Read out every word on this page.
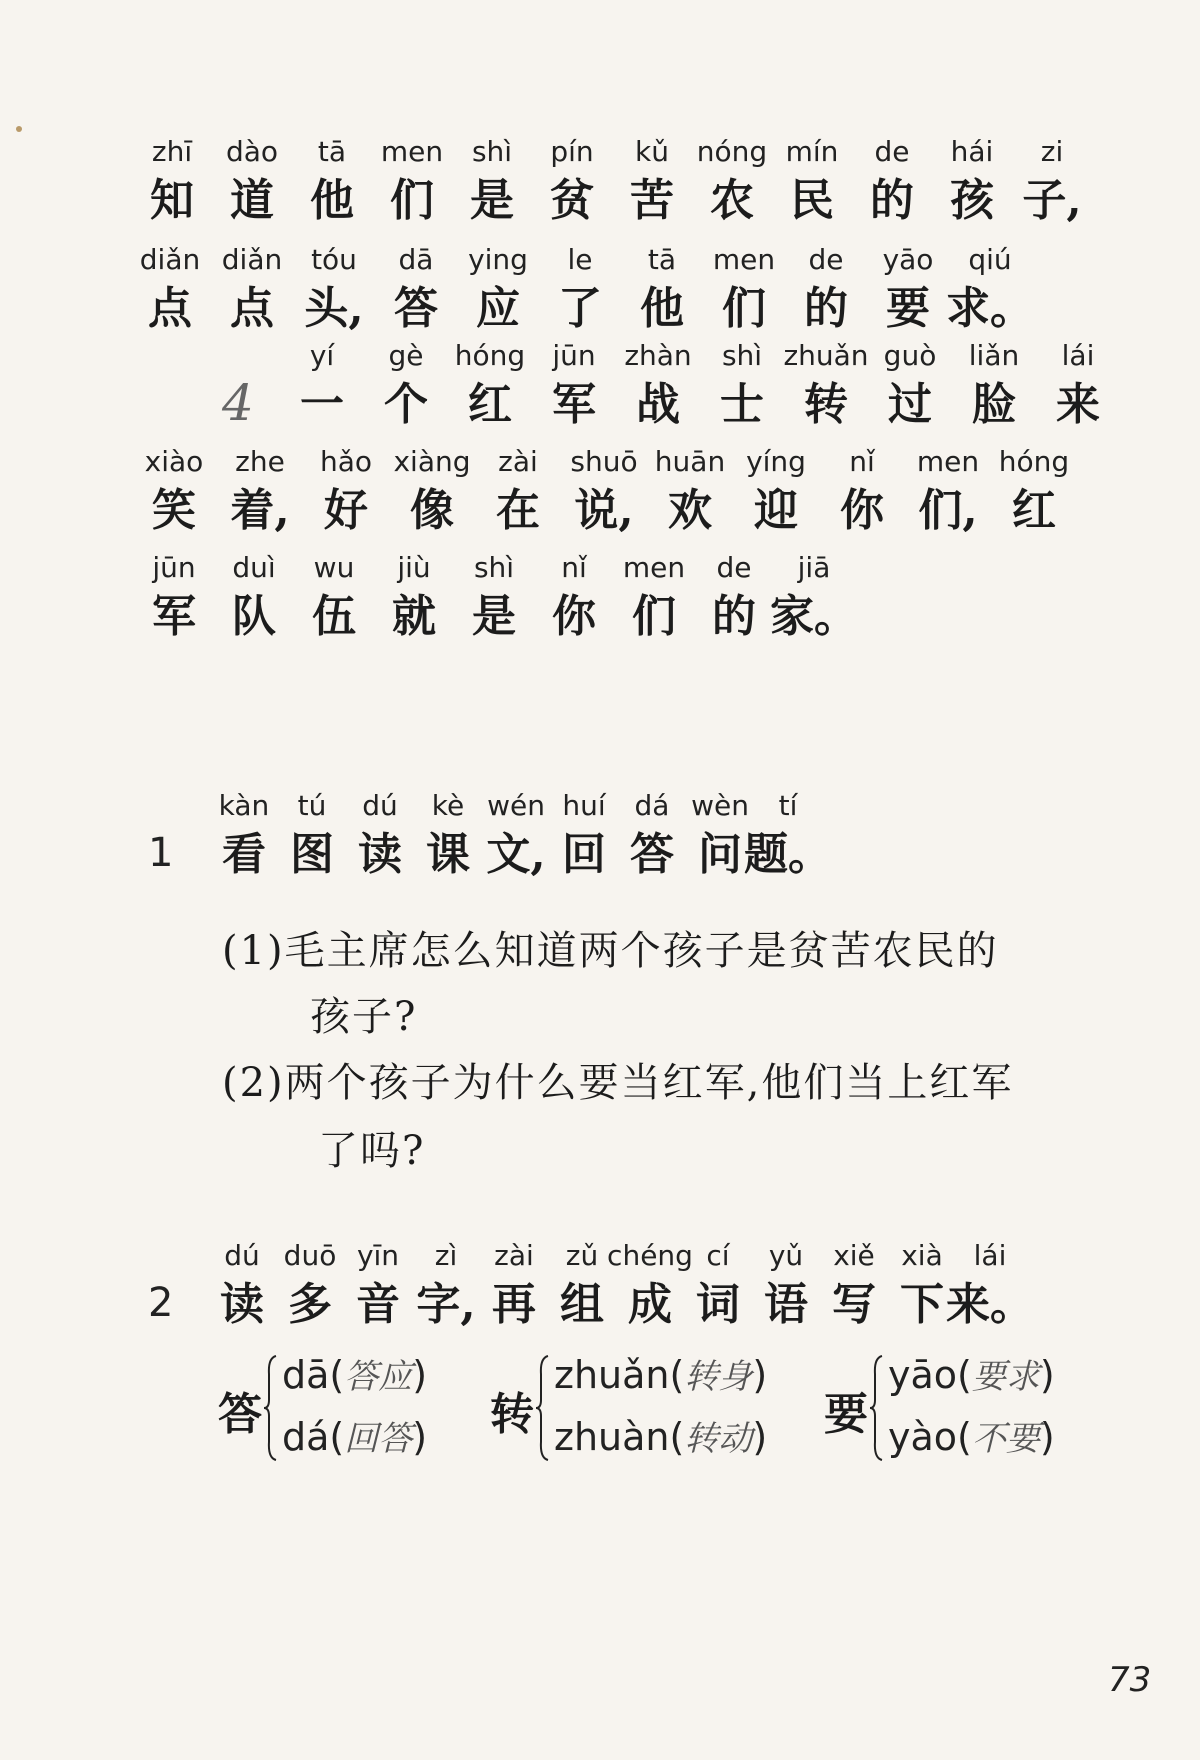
zhī
知
dào
道
tā
他
men
们
shì
是
pín
贫
kǔ
苦
nóng
农
mín
民
de
的
hái
孩
zi
子,
diǎn
点
diǎn
点
tóu
头,
dā
答
ying
应
le
了
tā
他
men
们
de
的
yāo
要
qiú
求。
yí
一
gè
个
hóng
红
jūn
军
zhàn
战
shì
士
zhuǎn
转
guò
过
liǎn
脸
lái
来
xiào
笑
zhe
着,
hǎo
好
xiàng
像
zài
在
shuō
说,
huān
欢
yíng
迎
nǐ
你
men
们,
hóng
红
jūn
军
duì
队
wu
伍
jiù
就
shì
是
nǐ
你
men
们
de
的
jiā
家。
4
1
kàn
看
tú
图
dú
读
kè
课
wén
文,
huí
回
dá
答
wèn
问
tí
题。
(1)毛主席怎么知道两个孩子是贫苦农民的
孩子?
(2)两个孩子为什么要当红军,他们当上红军
了吗?
2
dú
读
duō
多
yīn
音
zì
字,
zài
再
zǔ
组
chéng
成
cí
词
yǔ
语
xiě
写
xià
下
lái
来。
答
dā(答应)
dá(回答) 转
zhuǎn(转身)
zhuàn(转动) 要
yāo(要求)
yào(不要)
73
